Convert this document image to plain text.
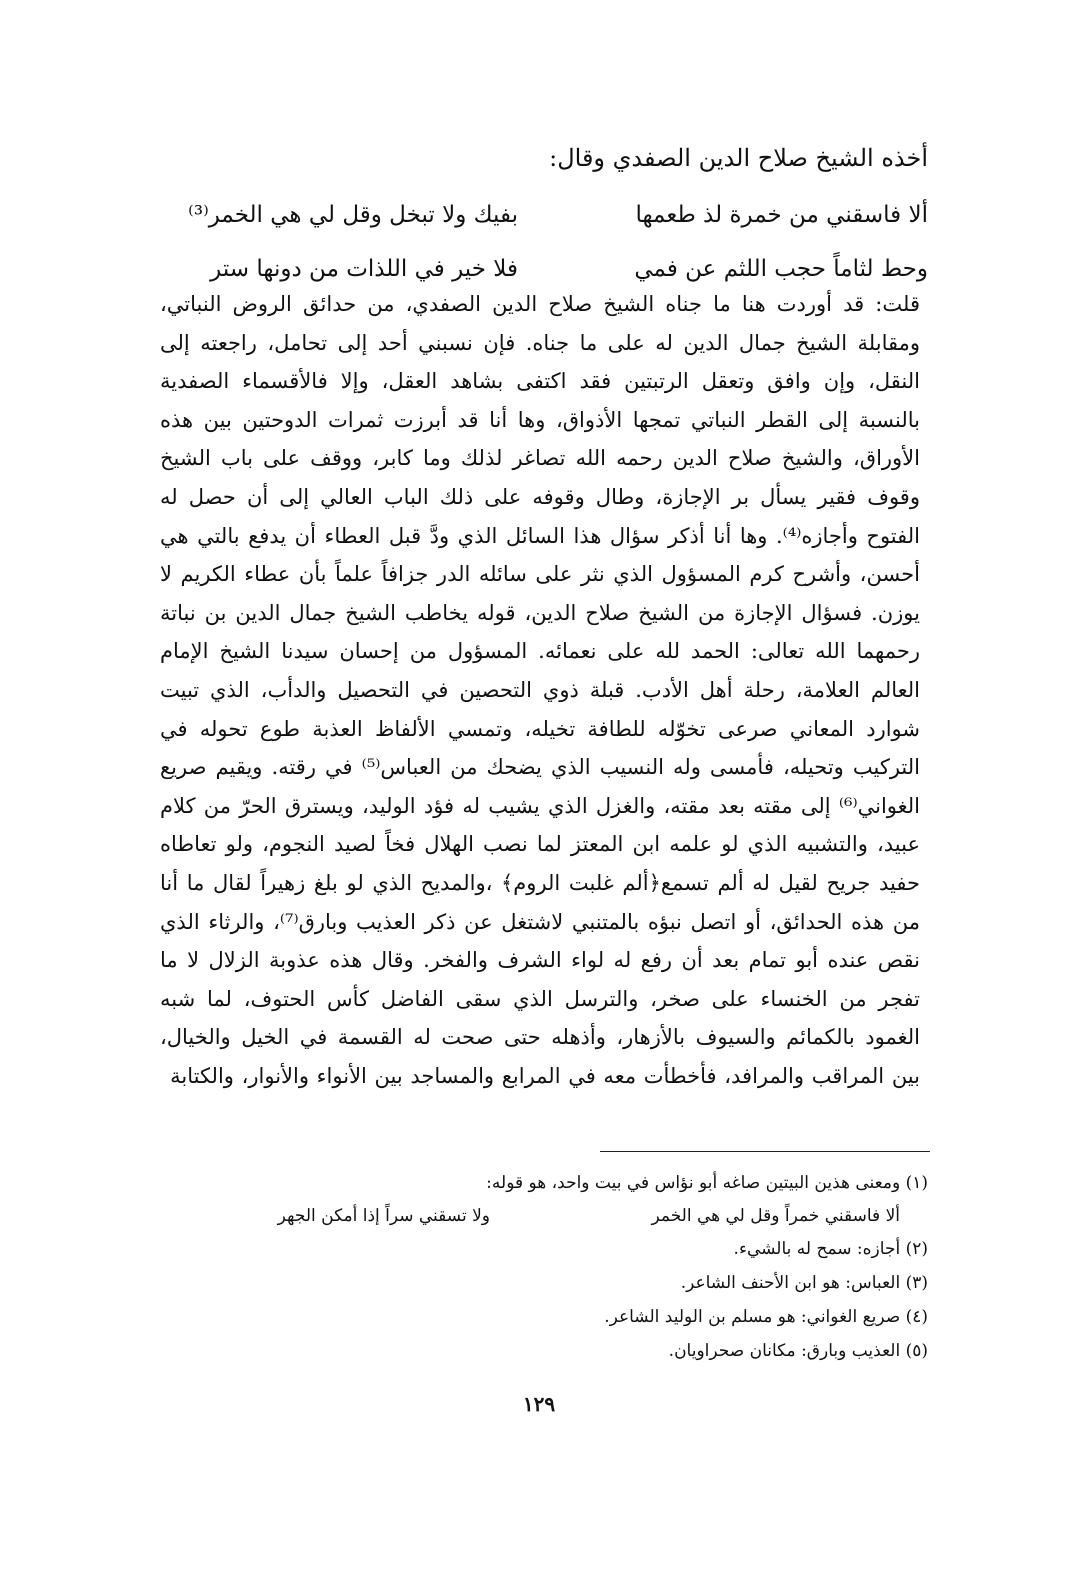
أخذه الشيخ صلاح الدين الصفدي وقال:
ألا فاسقني من خمرة لذ طعمها
بفيك ولا تبخل وقل لي هي الخمر⁽³⁾
وحط لثاماً حجب اللثم عن فمي
فلا خير في اللذات من دونها ستر
قلت: قد أوردت هنا ما جناه الشيخ صلاح الدين الصفدي، من حدائق الروض النباتي، ومقابلة الشيخ جمال الدين له على ما جناه. فإن نسبني أحد إلى تحامل، راجعته إلى النقل، وإن وافق وتعقل الرتبتين فقد اكتفى بشاهد العقل، وإلا فالأقسماء الصفدية بالنسبة إلى القطر النباتي تمجها الأذواق، وها أنا قد أبرزت ثمرات الدوحتين بين هذه الأوراق، والشيخ صلاح الدين رحمه الله تصاغر لذلك وما كابر، ووقف على باب الشيخ وقوف فقير يسأل بر الإجازة، وطال وقوفه على ذلك الباب العالي إلى أن حصل له الفتوح وأجازه⁽⁴⁾. وها أنا أذكر سؤال هذا السائل الذي ودَّ قبل العطاء أن يدفع بالتي هي أحسن، وأشرح كرم المسؤول الذي نثر على سائله الدر جزافاً علماً بأن عطاء الكريم لا يوزن. فسؤال الإجازة من الشيخ صلاح الدين، قوله يخاطب الشيخ جمال الدين بن نباتة رحمهما الله تعالى: الحمد لله على نعمائه. المسؤول من إحسان سيدنا الشيخ الإمام العالم العلامة، رحلة أهل الأدب. قبلة ذوي التحصين في التحصيل والدأب، الذي تبيت شوارد المعاني صرعى تخوّله للطافة تخيله، وتمسي الألفاظ العذبة طوع تحوله في التركيب وتحيله، فأمسى وله النسيب الذي يضحك من العباس⁽⁵⁾ في رقته. ويقيم صريع الغواني⁽⁶⁾ إلى مقته بعد مقته، والغزل الذي يشيب له فؤد الوليد، ويسترق الحرّ من كلام عبيد، والتشبيه الذي لو علمه ابن المعتز لما نصب الهلال فخاً لصيد النجوم، ولو تعاطاه حفيد جريح لقيل له ألم تسمع﴿ألم غلبت الروم﴾ ،والمديح الذي لو بلغ زهيراً لقال ما أنا من هذه الحدائق، أو اتصل نبؤه بالمتنبي لاشتغل عن ذكر العذيب وبارق⁽⁷⁾، والرثاء الذي نقص عنده أبو تمام بعد أن رفع له لواء الشرف والفخر. وقال هذه عذوبة الزلال لا ما تفجر من الخنساء على صخر، والترسل الذي سقى الفاضل كأس الحتوف، لما شبه الغمود بالكمائم والسيوف بالأزهار، وأذهله حتى صحت له القسمة في الخيل والخيال، بين المراقب والمرافد، فأخطأت معه في المرابع والمساجد بين الأنواء والأنوار، والكتابة
(١) ومعنى هذين البيتين صاغه أبو نؤاس في بيت واحد، هو قوله:
ألا فاسقني خمراً وقل لي هي الخمر
ولا تسقني سراً إذا أمكن الجهر
(٢) أجازه: سمح له بالشيء.
(٣) العباس: هو ابن الأحنف الشاعر.
(٤) صريع الغواني: هو مسلم بن الوليد الشاعر.
(٥) العذيب وبارق: مكانان صحراويان.
١٢٩
